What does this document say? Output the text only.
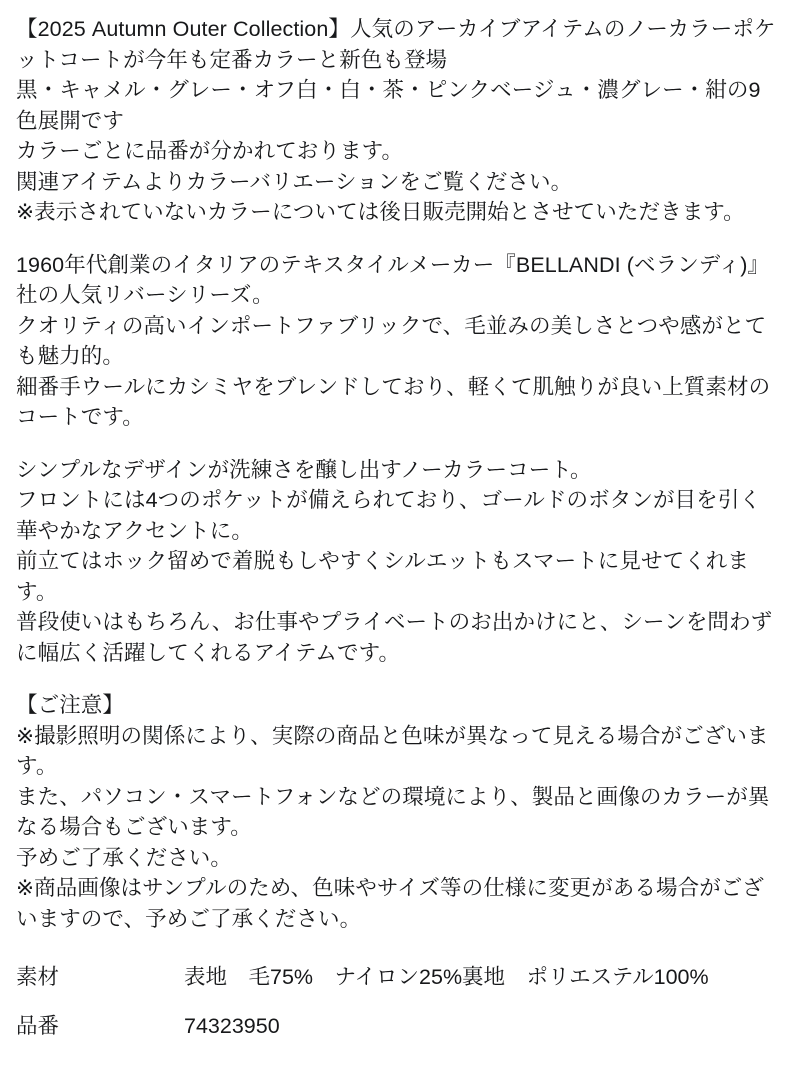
【2025 Autumn Outer Collection】人気のアーカイブアイテムのノーカラーポケットコートが今年も定番カラーと新色も登場

黒・キャメル・グレー・オフ白・白・茶・ピンクベージュ・濃グレー・紺の9色展開です

カラーごとに品番が分かれております。

関連アイテムよりカラーバリエーションをご覧ください。

※表示されていないカラーについては後日販売開始とさせていただきます。

1960年代創業のイタリアのテキスタイルメーカー『BELLANDI (ベランディ)』社の人気リバーシリーズ。

クオリティの高いインポートファブリックで、毛並みの美しさとつや感がとても魅力的。

細番手ウールにカシミヤをブレンドしており、軽くて肌触りが良い上質素材のコートです。

シンプルなデザインが洗練さを醸し出すノーカラーコート。

フロントには4つのポケットが備えられており、ゴールドのボタンが目を引く華やかなアクセントに。

前立てはホック留めで着脱もしやすくシルエットもスマートに見せてくれます。

普段使いはもちろん、お仕事やプライベートのお出かけにと、シーンを問わずに幅広く活躍してくれるアイテムです。

【ご注意】

※撮影照明の関係により、実際の商品と色味が異なって見える場合がございます。

また、パソコン・スマートフォンなどの環境により、製品と画像のカラーが異なる場合もございます。

予めご了承ください。

※商品画像はサンプルのため、色味やサイズ等の仕様に変更がある場合がございますので、予めご了承ください。

素材	表地　毛75%　ナイロン25%裏地　ポリエステル100%
品番	74323950
